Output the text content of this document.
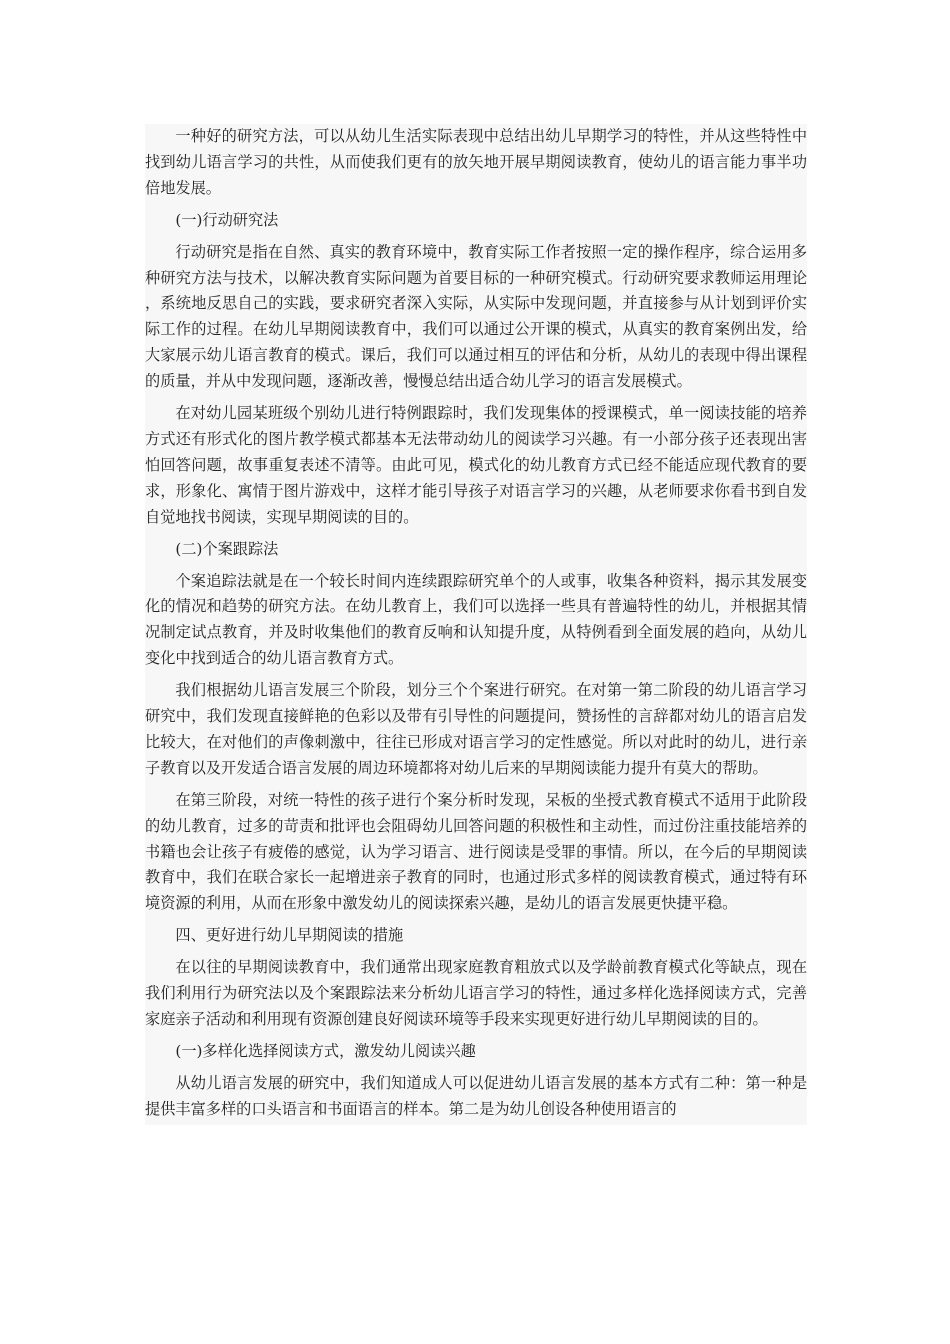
一种好的研究方法，可以从幼儿生活实际表现中总结出幼儿早期学习的特性，并从这些特性中找到幼儿语言学习的共性，从而使我们更有的放矢地开展早期阅读教育，使幼儿的语言能力事半功倍地发展。

(一)行动研究法

行动研究是指在自然、真实的教育环境中，教育实际工作者按照一定的操作程序，综合运用多种研究方法与技术，以解决教育实际问题为首要目标的一种研究模式。行动研究要求教师运用理论，系统地反思自己的实践，要求研究者深入实际，从实际中发现问题，并直接参与从计划到评价实际工作的过程。在幼儿早期阅读教育中，我们可以通过公开课的模式，从真实的教育案例出发，给大家展示幼儿语言教育的模式。课后，我们可以通过相互的评估和分析，从幼儿的表现中得出课程的质量，并从中发现问题，逐渐改善，慢慢总结出适合幼儿学习的语言发展模式。

在对幼儿园某班级个别幼儿进行特例跟踪时，我们发现集体的授课模式，单一阅读技能的培养方式还有形式化的图片教学模式都基本无法带动幼儿的阅读学习兴趣。有一小部分孩子还表现出害怕回答问题，故事重复表述不清等。由此可见，模式化的幼儿教育方式已经不能适应现代教育的要求，形象化、寓情于图片游戏中，这样才能引导孩子对语言学习的兴趣，从老师要求你看书到自发自觉地找书阅读，实现早期阅读的目的。

(二)个案跟踪法

个案追踪法就是在一个较长时间内连续跟踪研究单个的人或事，收集各种资料，揭示其发展变化的情况和趋势的研究方法。在幼儿教育上，我们可以选择一些具有普遍特性的幼儿，并根据其情况制定试点教育，并及时收集他们的教育反响和认知提升度，从特例看到全面发展的趋向，从幼儿变化中找到适合的幼儿语言教育方式。

我们根据幼儿语言发展三个阶段，划分三个个案进行研究。在对第一第二阶段的幼儿语言学习研究中，我们发现直接鲜艳的色彩以及带有引导性的问题提问，赞扬性的言辞都对幼儿的语言启发比较大，在对他们的声像刺激中，往往已形成对语言学习的定性感觉。所以对此时的幼儿，进行亲子教育以及开发适合语言发展的周边环境都将对幼儿后来的早期阅读能力提升有莫大的帮助。

在第三阶段，对统一特性的孩子进行个案分析时发现，呆板的坐授式教育模式不适用于此阶段的幼儿教育，过多的苛责和批评也会阻碍幼儿回答问题的积极性和主动性，而过份注重技能培养的书籍也会让孩子有疲倦的感觉，认为学习语言、进行阅读是受罪的事情。所以，在今后的早期阅读教育中，我们在联合家长一起增进亲子教育的同时，也通过形式多样的阅读教育模式，通过特有环境资源的利用，从而在形象中激发幼儿的阅读探索兴趣，是幼儿的语言发展更快捷平稳。

四、更好进行幼儿早期阅读的措施

在以往的早期阅读教育中，我们通常出现家庭教育粗放式以及学龄前教育模式化等缺点，现在我们利用行为研究法以及个案跟踪法来分析幼儿语言学习的特性，通过多样化选择阅读方式，完善家庭亲子活动和利用现有资源创建良好阅读环境等手段来实现更好进行幼儿早期阅读的目的。

(一)多样化选择阅读方式，激发幼儿阅读兴趣

从幼儿语言发展的研究中，我们知道成人可以促进幼儿语言发展的基本方式有二种：第一种是提供丰富多样的口头语言和书面语言的样本。第二是为幼儿创设各种使用语言的
